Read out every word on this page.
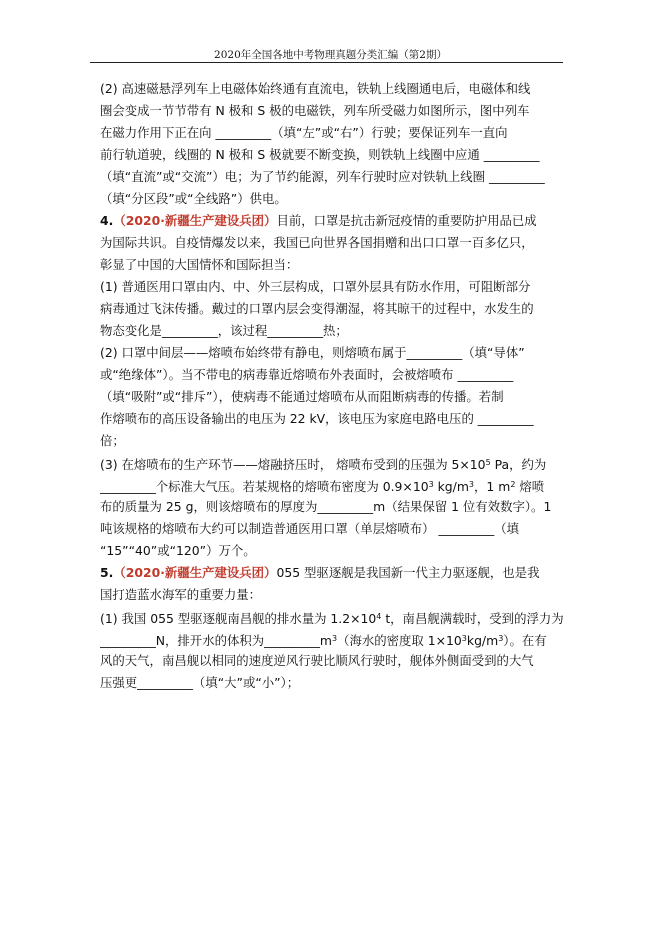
2020年全国各地中考物理真题分类汇编（第2期）
(2) 高速磁悬浮列车上电磁体始终通有直流电，铁轨上线圈通电后，电磁体和线
圈会变成一节节带有 N 极和 S 极的电磁铁，列车所受磁力如图所示，图中列车
在磁力作用下正在向 _________（填“左”或“右”）行驶；要保证列车一直向
前行轨道驶，线圈的 N 极和 S 极就要不断变换，则铁轨上线圈中应通 _________
（填“直流”或“交流”）电；为了节约能源，列车行驶时应对铁轨上线圈 _________
（填“分区段”或“全线路”）供电。
4.（2020·新疆生产建设兵团）目前，口罩是抗击新冠疫情的重要防护用品已成
为国际共识。自疫情爆发以来，我国已向世界各国捐赠和出口口罩一百多亿只，
彰显了中国的大国情怀和国际担当：
(1) 普通医用口罩由内、中、外三层构成，口罩外层具有防水作用，可阻断部分
病毒通过飞沫传播。戴过的口罩内层会变得潮湿，将其晾干的过程中，水发生的
物态变化是_________，该过程_________热；
(2) 口罩中间层——熔喷布始终带有静电，则熔喷布属于_________（填“导体”
或“绝缘体”）。当不带电的病毒靠近熔喷布外表面时，会被熔喷布 _________
（填“吸附”或“排斥”），使病毒不能通过熔喷布从而阻断病毒的传播。若制
作熔喷布的高压设备输出的电压为 22 kV，该电压为家庭电路电压的 _________
倍；
(3) 在熔喷布的生产环节——熔融挤压时， 熔喷布受到的压强为 $5\times 10^5$ Pa，约为
_________个标准大气压。若某规格的熔喷布密度为 $0.9\times 10^3$ $kg/m^3$，1 $m^2$ 熔喷
布的质量为 25 g，则该熔喷布的厚度为_________m（结果保留 1 位有效数字）。1
吨该规格的熔喷布大约可以制造普通医用口罩（单层熔喷布） _________（填
“15”“40”或“120”）万个。
5.（2020·新疆生产建设兵团）055 型驱逐舰是我国新一代主力驱逐舰，也是我
国打造蓝水海军的重要力量：
(1) 我国 055 型驱逐舰南昌舰的排水量为 $1.2\times 10^4$ t，南昌舰满载时，受到的浮力为
_________N，排开水的体积为$\_\_\_\_\_\_\_\_\_m^3$（海水的密度取 $1\times 10^3kg/m^3$）。在有
风的天气，南昌舰以相同的速度逆风行驶比顺风行驶时，舰体外侧面受到的大气
压强更_________（填“大”或“小”）；
